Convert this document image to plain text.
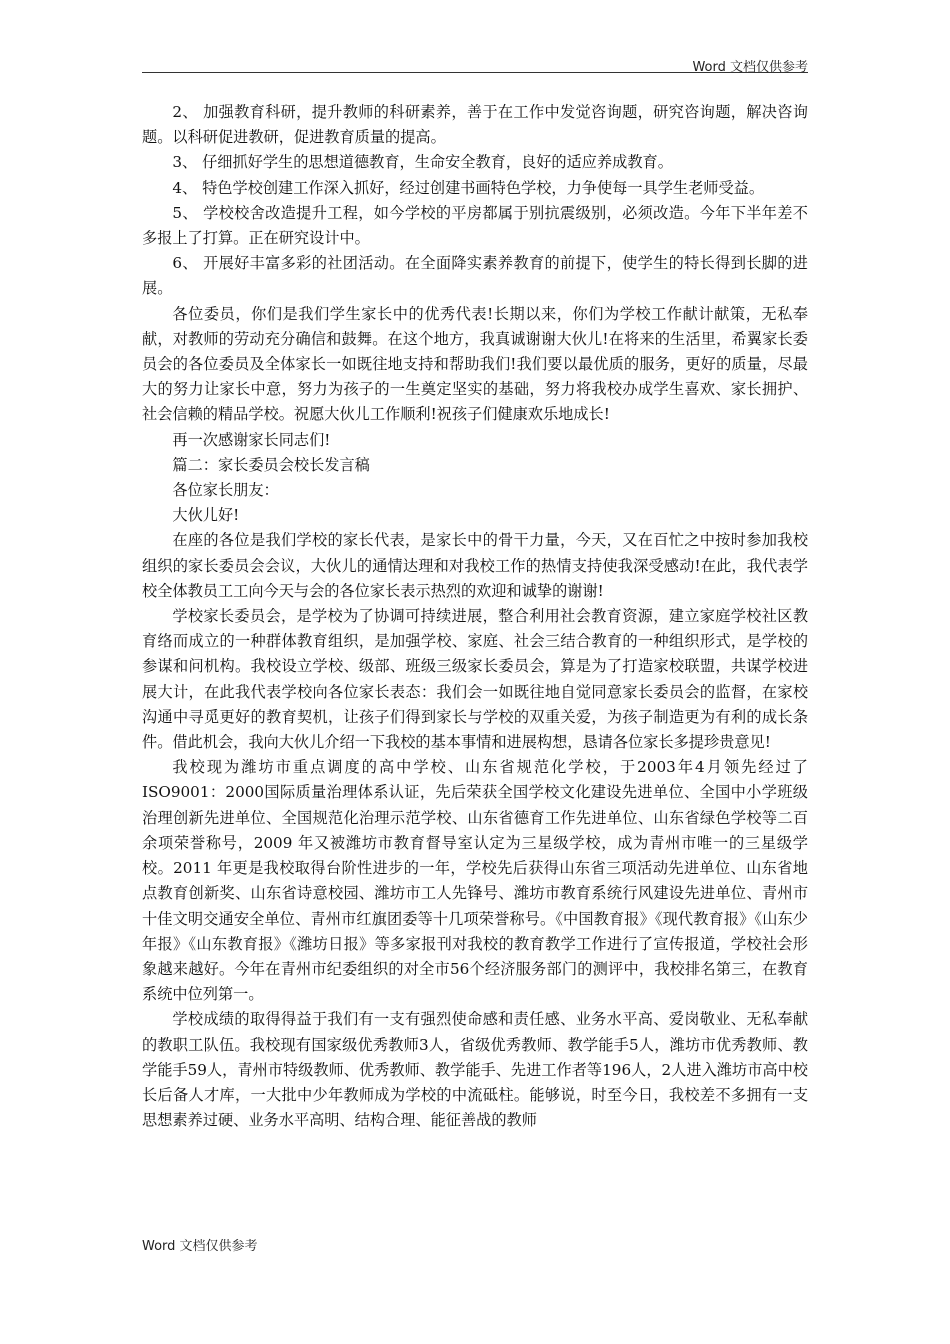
Word 文档仅供参考

2、 加强教育科研，提升教师的科研素养，善于在工作中发觉咨询题，研究咨询题，解决咨询题。以科研促进教研，促进教育质量的提高。

3、 仔细抓好学生的思想道德教育，生命安全教育，良好的适应养成教育。

4、 特色学校创建工作深入抓好，经过创建书画特色学校，力争使每一具学生老师受益。

5、 学校校舍改造提升工程，如今学校的平房都属于别抗震级别，必须改造。今年下半年差不多报上了打算。正在研究设计中。

6、 开展好丰富多彩的社团活动。在全面降实素养教育的前提下，使学生的特长得到长脚的进展。

各位委员，你们是我们学生家长中的优秀代表!长期以来，你们为学校工作献计献策，无私奉献，对教师的劳动充分确信和鼓舞。在这个地方，我真诚谢谢大伙儿!在将来的生活里，希翼家长委员会的各位委员及全体家长一如既往地支持和帮助我们!我们要以最优质的服务，更好的质量，尽最大的努力让家长中意，努力为孩子的一生奠定坚实的基础，努力将我校办成学生喜欢、家长拥护、社会信赖的精品学校。祝愿大伙儿工作顺利!祝孩子们健康欢乐地成长!

再一次感谢家长同志们!

篇二：家长委员会校长发言稿

各位家长朋友：

大伙儿好!

在座的各位是我们学校的家长代表，是家长中的骨干力量，今天，又在百忙之中按时参加我校组织的家长委员会会议，大伙儿的通情达理和对我校工作的热情支持使我深受感动!在此，我代表学校全体教员工工向今天与会的各位家长表示热烈的欢迎和诚挚的谢谢!

学校家长委员会，是学校为了协调可持续进展，整合利用社会教育资源，建立家庭学校社区教育络而成立的一种群体教育组织，是加强学校、家庭、社会三结合教育的一种组织形式，是学校的参谋和问机构。我校设立学校、级部、班级三级家长委员会，算是为了打造家校联盟，共谋学校进展大计，在此我代表学校向各位家长表态：我们会一如既往地自觉同意家长委员会的监督，在家校沟通中寻觅更好的教育契机，让孩子们得到家长与学校的双重关爱，为孩子制造更为有利的成长条件。借此机会，我向大伙儿介绍一下我校的基本事情和进展构想，恳请各位家长多提珍贵意见!

我校现为潍坊市重点调度的高中学校、山东省规范化学校，于2003年4月领先经过了 ISO9001：2000国际质量治理体系认证，先后荣获全国学校文化建设先进单位、全国中小学班级治理创新先进单位、全国规范化治理示范学校、山东省德育工作先进单位、山东省绿色学校等二百余项荣誉称号，2009 年又被潍坊市教育督导室认定为三星级学校，成为青州市唯一的三星级学校。2011 年更是我校取得台阶性进步的一年，学校先后获得山东省三项活动先进单位、山东省地点教育创新奖、山东省诗意校园、潍坊市工人先锋号、潍坊市教育系统行风建设先进单位、青州市十佳文明交通安全单位、青州市红旗团委等十几项荣誉称号。《中国教育报》《现代教育报》《山东少年报》《山东教育报》《潍坊日报》等多家报刊对我校的教育教学工作进行了宣传报道，学校社会形象越来越好。今年在青州市纪委组织的对全市56个经济服务部门的测评中，我校排名第三，在教育系统中位列第一。

学校成绩的取得得益于我们有一支有强烈使命感和责任感、业务水平高、爱岗敬业、无私奉献的教职工队伍。我校现有国家级优秀教师3人，省级优秀教师、教学能手5人，潍坊市优秀教师、教学能手59人，青州市特级教师、优秀教师、教学能手、先进工作者等196人，2人进入潍坊市高中校长后备人才库，一大批中少年教师成为学校的中流砥柱。能够说，时至今日，我校差不多拥有一支思想素养过硬、业务水平高明、结构合理、能征善战的教师

Word 文档仅供参考
